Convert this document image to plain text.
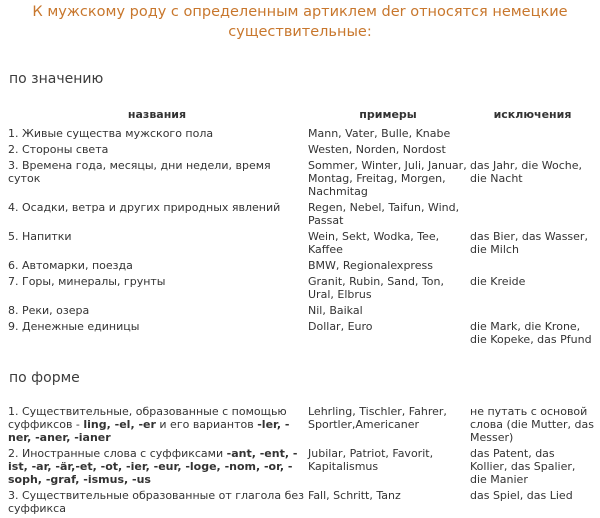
К мужскому роду с определенным артиклем der относятся немецкие
существительные:
по значению
названия	примеры	исключения
1. Живые существа мужского пола	Mann, Vater, Bulle, Knabe	
2. Стороны света	Westen, Norden, Nordost	
3. Времена года, месяцы, дни недели, время суток	Sommer, Winter, Juli, Januar, Montag, Freitag, Morgen, Nachmitag	das Jahr, die Woche, die Nacht
4. Осадки, ветра и других природных явлений	Regen, Nebel, Taifun, Wind, Passat	
5. Напитки	Wein, Sekt, Wodka, Tee, Kaffee	das Bier, das Wasser, die Milch
6. Автомарки, поезда	BMW, Regionalexpress	
7. Горы, минералы, грунты	Granit, Rubin, Sand, Ton, Ural, Elbrus	die Kreide
8. Реки, озера	Nil, Baikal	
9. Денежные единицы	Dollar, Euro	die Mark, die Krone, die Kopeke, das Pfund
по форме
1. Существительные, образованные с помощью суффиксов - ling, -el, -er и его вариантов -ler, -ner, -aner, -ianer	Lehrling, Tischler, Fahrer, Sportler,Americaner	не путать с основой слова (die Mutter, das Messer)
2. Иностранные слова с суффиксами -ant, -ent, -ist, -ar, -är,-et, -ot, -ier, -eur, -loge, -nom, -or, - soph, -graf, -ismus, -us	Jubilar, Patriot, Favorit, Kapitalismus	das Patent, das Kollier, das Spalier, die Manier
3. Существительные образованные от глагола без суффикса	Fall, Schritt, Tanz	das Spiel, das Lied
